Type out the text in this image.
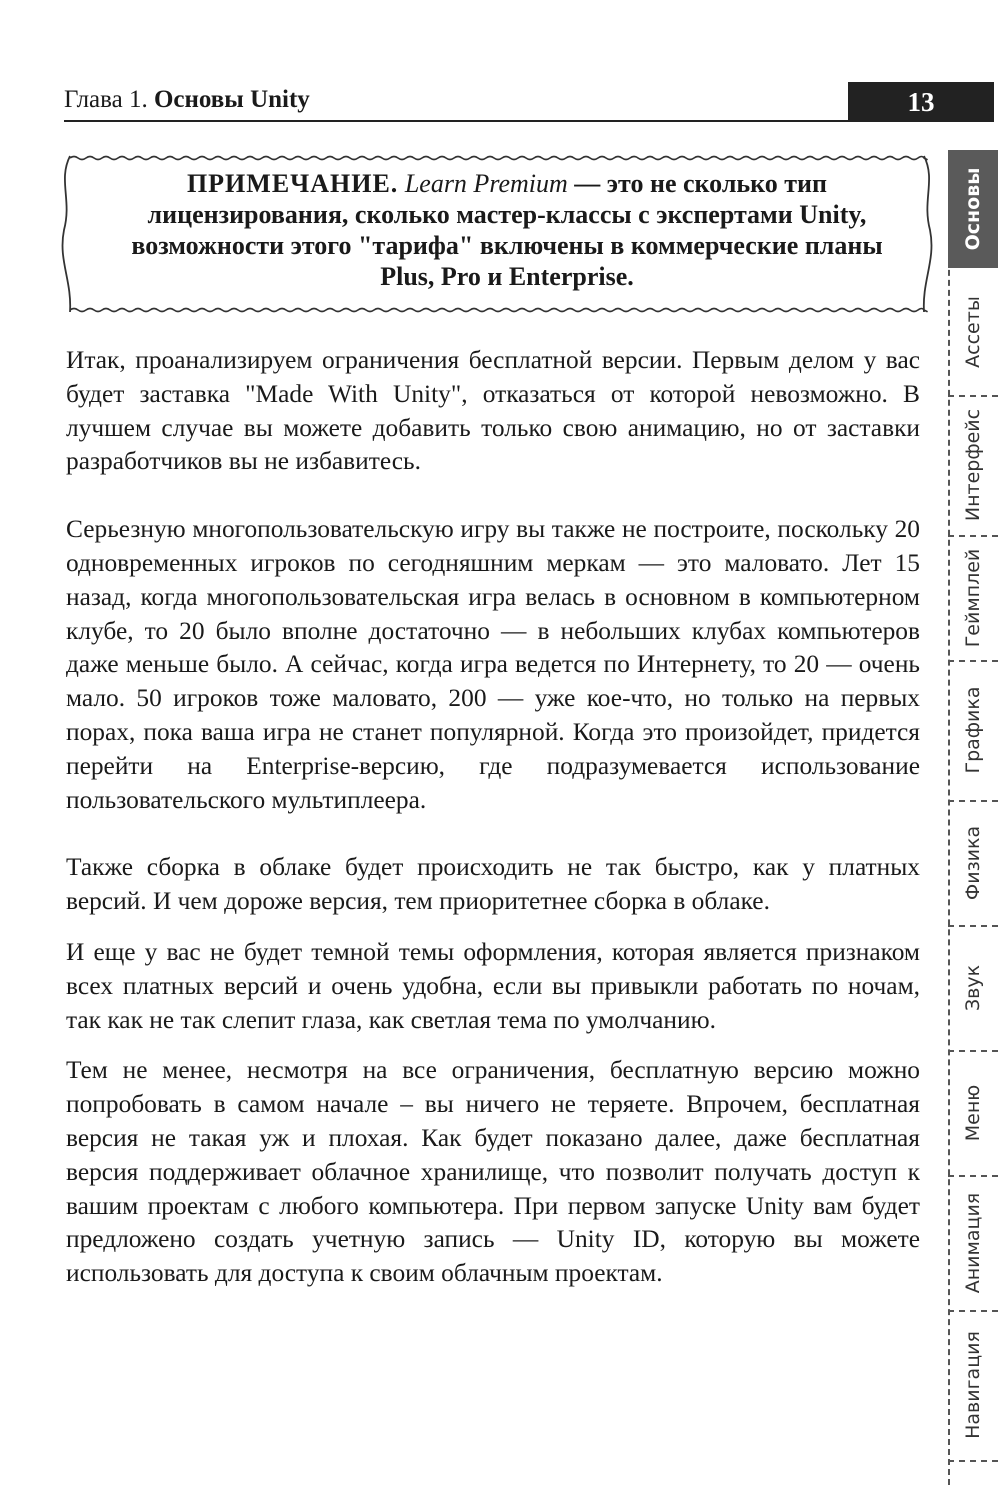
Глава 1. Основы Unity	13
ПРИМЕЧАНИЕ. Learn Premium — это не сколько тип лицензирования, сколько мастер-классы с экспертами Unity, возможности этого "тарифа" включены в коммерческие планы Plus, Pro и Enterprise.

Итак, проанализируем ограничения бесплатной версии. Первым делом у вас будет заставка "Made With Unity", отказаться от которой невозможно. В лучшем случае вы можете добавить только свою анимацию, но от заставки разработчиков вы не избавитесь.

Серьезную многопользовательскую игру вы также не построите, поскольку 20 одновременных игроков по сегодняшним меркам — это маловато. Лет 15 назад, когда многопользовательская игра велась в основном в компьютерном клубе, то 20 было вполне достаточно — в небольших клубах компьютеров даже меньше было. А сейчас, когда игра ведется по Интернету, то 20 — очень мало. 50 игроков тоже маловато, 200 — уже кое-что, но только на первых порах, пока ваша игра не станет популярной. Когда это произойдет, придется перейти на Enterprise-версию, где подразумевается использование пользовательского мультиплеера.

Также сборка в облаке будет происходить не так быстро, как у платных версий. И чем дороже версия, тем приоритетнее сборка в облаке.

И еще у вас не будет темной темы оформления, которая является признаком всех платных версий и очень удобна, если вы привыкли работать по ночам, так как не так слепит глаза, как светлая тема по умолчанию.

Тем не менее, несмотря на все ограничения, бесплатную версию можно попробовать в самом начале – вы ничего не теряете. Впрочем, бесплатная версия не такая уж и плохая. Как будет показано далее, даже бесплатная версия поддерживает облачное хранилище, что позволит получать доступ к вашим проектам с любого компьютера. При первом запуске Unity вам будет предложено создать учетную запись — Unity ID, которую вы можете использовать для доступа к своим облачным проектам.

Основы
Ассеты
Интерфейс
Геймплей
Графика
Физика
Звук
Меню
Анимация
Навигация
